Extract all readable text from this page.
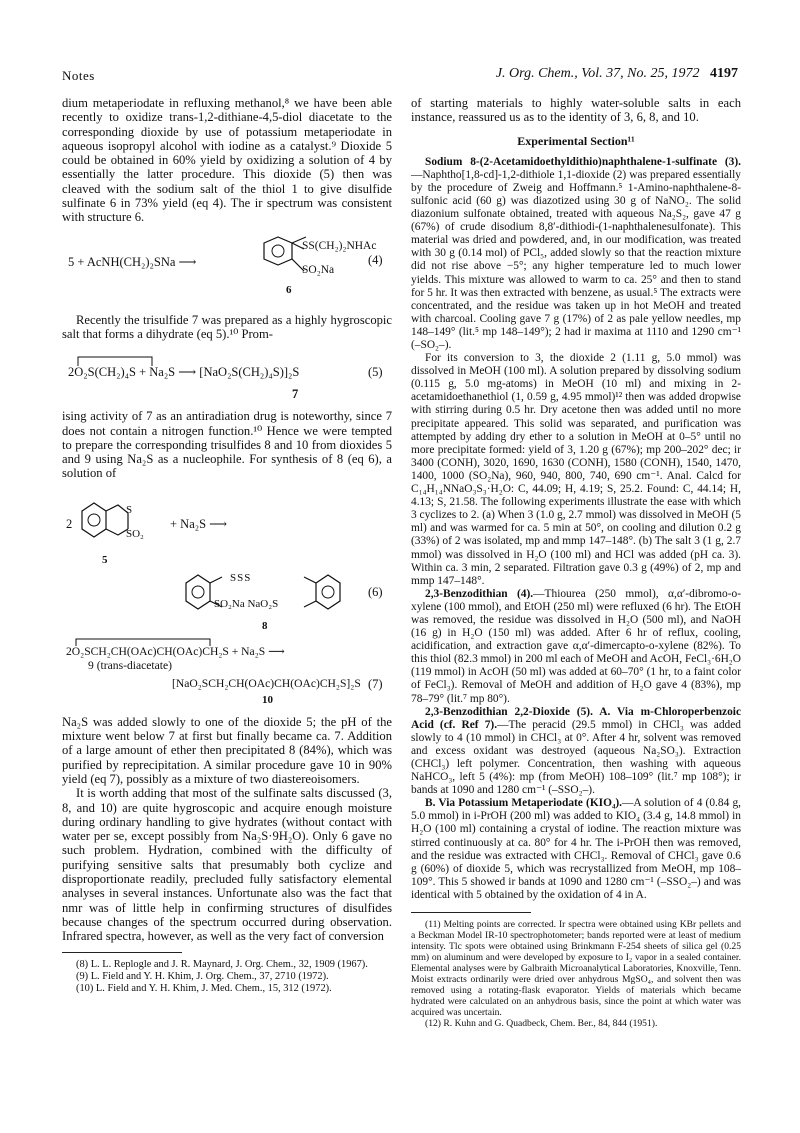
Notes	J. Org. Chem., Vol. 37, No. 25, 1972 4197

dium metaperiodate in refluxing methanol,⁸ we have been able recently to oxidize trans-1,2-dithiane-4,5-diol diacetate to the corresponding dioxide by use of potassium metaperiodate in aqueous isopropyl alcohol with iodine as a catalyst.⁹ Dioxide 5 could be obtained in 60% yield by oxidizing a solution of 4 by essentially the latter procedure. This dioxide (5) then was cleaved with the sodium salt of the thiol 1 to give disulfide sulfinate 6 in 73% yield (eq 4). The ir spectrum was consistent with structure 6.

5 + AcNH(CH₂)₂SNa ⟶
SS(CH₂)₂NHAc
SO₂Na
6
(4)

Recently the trisulfide 7 was prepared as a highly hygroscopic salt that forms a dihydrate (eq 5).¹⁰ Prom-

2O₂S(CH₂)₄S + Na₂S ⟶ [NaO₂S(CH₂)₄S)]₂S
7
(5)

ising activity of 7 as an antiradiation drug is noteworthy, since 7 does not contain a nitrogen function.¹⁰ Hence we were tempted to prepare the corresponding trisulfides 8 and 10 from dioxides 5 and 9 using Na₂S as a nucleophile. For synthesis of 8 (eq 6), a solution of

2
S
SO₂
5
+ Na₂S ⟶
SSS
SO₂Na NaO₂S
8
(6)
2O₂SCH₂CH(OAc)CH(OAc)CH₂S + Na₂S ⟶
9 (trans-diacetate)
[NaO₂SCH₂CH(OAc)CH(OAc)CH₂S]₂S
10
(7)

Na₂S was added slowly to one of the dioxide 5; the pH of the mixture went below 7 at first but finally became ca. 7. Addition of a large amount of ether then precipitated 8 (84%), which was purified by reprecipitation. A similar procedure gave 10 in 90% yield (eq 7), possibly as a mixture of two diastereoisomers.

It is worth adding that most of the sulfinate salts discussed (3, 8, and 10) are quite hygroscopic and acquire enough moisture during ordinary handling to give hydrates (without contact with water per se, except possibly from Na₂S·9H₂O). Only 6 gave no such problem. Hydration, combined with the difficulty of purifying sensitive salts that presumably both cyclize and disproportionate readily, precluded fully satisfactory elemental analyses in several instances. Unfortunate also was the fact that nmr was of little help in confirming structures of disulfides because changes of the spectrum occurred during observation. Infrared spectra, however, as well as the very fact of conversion

(8) L. L. Replogle and J. R. Maynard, J. Org. Chem., 32, 1909 (1967).

(9) L. Field and Y. H. Khim, J. Org. Chem., 37, 2710 (1972).

(10) L. Field and Y. H. Khim, J. Med. Chem., 15, 312 (1972).

of starting materials to highly water-soluble salts in each instance, reassured us as to the identity of 3, 6, 8, and 10.

Experimental Section¹¹

Sodium 8-(2-Acetamidoethyldithio)naphthalene-1-sulfinate (3).—Naphtho[1,8-cd]-1,2-dithiole 1,1-dioxide (2) was prepared essentially by the procedure of Zweig and Hoffmann.⁵ 1-Amino-naphthalene-8-sulfonic acid (60 g) was diazotized using 30 g of NaNO₂. The solid diazonium sulfonate obtained, treated with aqueous Na₂S₂, gave 47 g (67%) of crude disodium 8,8′-dithiodi-(1-naphthalenesulfonate). This material was dried and powdered, and, in our modification, was treated with 30 g (0.14 mol) of PCl₅, added slowly so that the reaction mixture did not rise above −5°; any higher temperature led to much lower yields. This mixture was allowed to warm to ca. 25° and then to stand for 5 hr. It was then extracted with benzene, as usual.⁵ The extracts were concentrated, and the residue was taken up in hot MeOH and treated with charcoal. Cooling gave 7 g (17%) of 2 as pale yellow needles, mp 148–149° (lit.⁵ mp 148–149°); 2 had ir maxima at 1110 and 1290 cm⁻¹ (–SO₂–).

For its conversion to 3, the dioxide 2 (1.11 g, 5.0 mmol) was dissolved in MeOH (100 ml). A solution prepared by dissolving sodium (0.115 g, 5.0 mg-atoms) in MeOH (10 ml) and mixing in 2-acetamidoethanethiol (1, 0.59 g, 4.95 mmol)¹² then was added dropwise with stirring during 0.5 hr. Dry acetone then was added until no more precipitate appeared. This solid was separated, and purification was attempted by adding dry ether to a solution in MeOH at 0–5° until no more precipitate formed: yield of 3, 1.20 g (67%); mp 200–202° dec; ir 3400 (CONH), 3020, 1690, 1630 (CONH), 1580 (CONH), 1540, 1470, 1400, 1000 (SO₂Na), 960, 940, 800, 740, 690 cm⁻¹. Anal. Calcd for C₁₄H₁₄NNaO₃S₃·H₂O: C, 44.09; H, 4.19; S, 25.2. Found: C, 44.14; H, 4.13; S, 21.58. The following experiments illustrate the ease with which 3 cyclizes to 2. (a) When 3 (1.0 g, 2.7 mmol) was dissolved in MeOH (5 ml) and was warmed for ca. 5 min at 50°, on cooling and dilution 0.2 g (33%) of 2 was isolated, mp and mmp 147–148°. (b) The salt 3 (1 g, 2.7 mmol) was dissolved in H₂O (100 ml) and HCl was added (pH ca. 3). Within ca. 3 min, 2 separated. Filtration gave 0.3 g (49%) of 2, mp and mmp 147–148°.

2,3-Benzodithian (4).—Thiourea (250 mmol), α,α′-dibromo-o-xylene (100 mmol), and EtOH (250 ml) were refluxed (6 hr). The EtOH was removed, the residue was dissolved in H₂O (500 ml), and NaOH (16 g) in H₂O (150 ml) was added. After 6 hr of reflux, cooling, acidification, and extraction gave α,α′-dimercapto-o-xylene (82%). To this thiol (82.3 mmol) in 200 ml each of MeOH and AcOH, FeCl₃·6H₂O (119 mmol) in AcOH (50 ml) was added at 60–70° (1 hr, to a faint color of FeCl₃). Removal of MeOH and addition of H₂O gave 4 (83%), mp 78–79° (lit.⁷ mp 80°).

2,3-Benzodithian 2,2-Dioxide (5). A. Via m-Chloroperbenzoic Acid (cf. Ref 7).—The peracid (29.5 mmol) in CHCl₃ was added slowly to 4 (10 mmol) in CHCl₃ at 0°. After 4 hr, solvent was removed and excess oxidant was destroyed (aqueous Na₂SO₃). Extraction (CHCl₃) left polymer. Concentration, then washing with aqueous NaHCO₃, left 5 (4%): mp (from MeOH) 108–109° (lit.⁷ mp 108°); ir bands at 1090 and 1280 cm⁻¹ (–SSO₂–).

B. Via Potassium Metaperiodate (KIO₄).—A solution of 4 (0.84 g, 5.0 mmol) in i-PrOH (200 ml) was added to KIO₄ (3.4 g, 14.8 mmol) in H₂O (100 ml) containing a crystal of iodine. The reaction mixture was stirred continuously at ca. 80° for 4 hr. The i-PrOH then was removed, and the residue was extracted with CHCl₃. Removal of CHCl₃ gave 0.6 g (60%) of dioxide 5, which was recrystallized from MeOH, mp 108–109°. This 5 showed ir bands at 1090 and 1280 cm⁻¹ (–SSO₂–) and was identical with 5 obtained by the oxidation of 4 in A.

(11) Melting points are corrected. Ir spectra were obtained using KBr pellets and a Beckman Model IR-10 spectrophotometer; bands reported were at least of medium intensity. Tlc spots were obtained using Brinkmann F-254 sheets of silica gel (0.25 mm) on aluminum and were developed by exposure to I₂ vapor in a sealed container. Elemental analyses were by Galbraith Microanalytical Laboratories, Knoxville, Tenn. Moist extracts ordinarily were dried over anhydrous MgSO₄, and solvent then was removed using a rotating-flask evaporator. Yields of materials which became hydrated were calculated on an anhydrous basis, since the point at which water was acquired was uncertain.

(12) R. Kuhn and G. Quadbeck, Chem. Ber., 84, 844 (1951).
